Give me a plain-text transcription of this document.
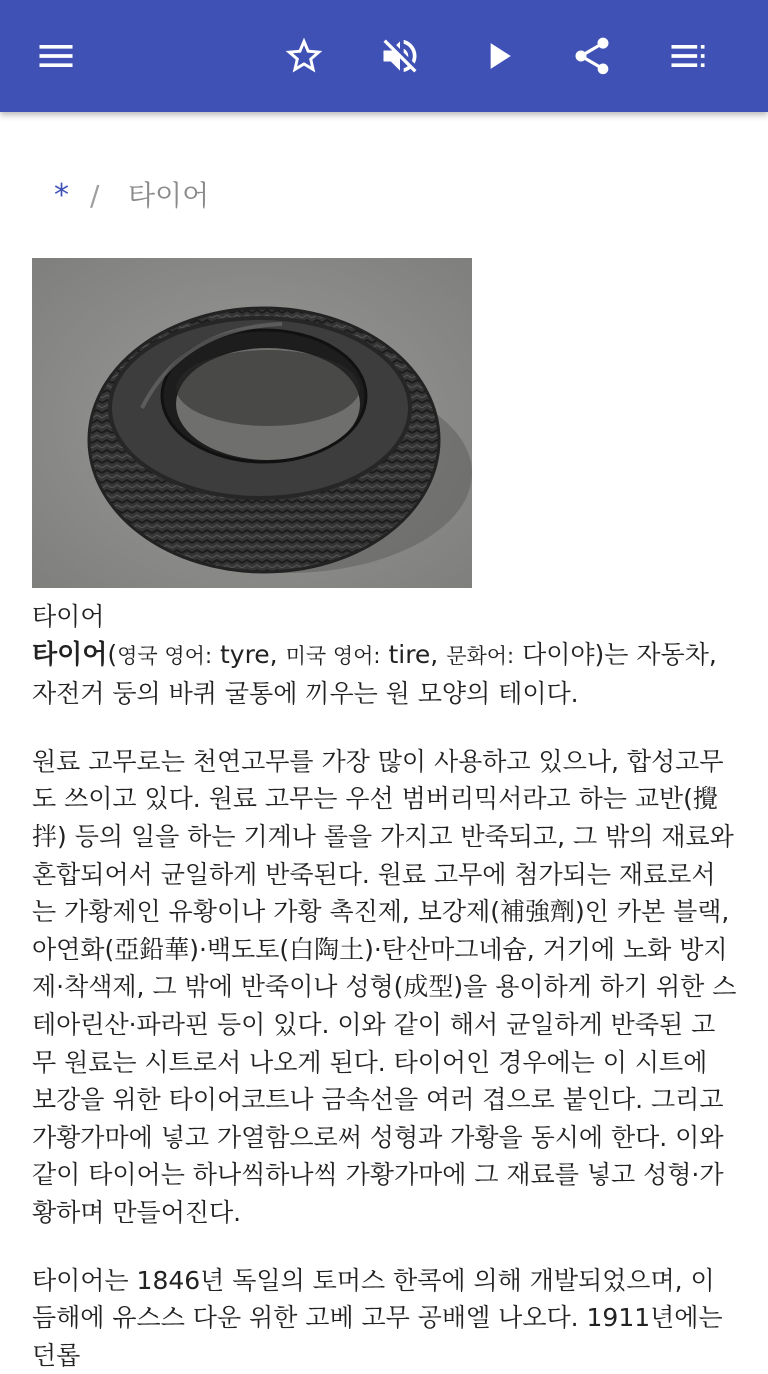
* / 타이어
타이어

타이어(영국 영어: tyre, 미국 영어: tire, 문화어: 다이야)는 자동차, 자전거 둥의 바퀴 굴통에 끼우는 원 모양의 테이다.

원료 고무로는 천연고무를 가장 많이 사용하고 있으나, 합성고무도 쓰이고 있다. 원료 고무는 우선 범버리믹서라고 하는 교반(攪拌) 등의 일을 하는 기계나 롤을 가지고 반죽되고, 그 밖의 재료와 혼합되어서 균일하게 반죽된다. 원료 고무에 첨가되는 재료로서는 가황제인 유황이나 가황 촉진제, 보강제(補強劑)인 카본 블랙, 아연화(亞鉛華)·백도토(白陶土)·탄산마그네슘, 거기에 노화 방지제·착색제, 그 밖에 반죽이나 성형(成型)을 용이하게 하기 위한 스테아린산·파라핀 등이 있다. 이와 같이 해서 균일하게 반죽된 고무 원료는 시트로서 나오게 된다. 타이어인 경우에는 이 시트에 보강을 위한 타이어코트나 금속선을 여러 겹으로 붙인다. 그리고 가황가마에 넣고 가열함으로써 성형과 가황을 동시에 한다. 이와 같이 타이어는 하나씩하나씩 가황가마에 그 재료를 넣고 성형·가황하며 만들어진다.

타이어는 1846년 독일의 토머스 한콕에 의해 개발되었으며, 이듬해에 유스스 다운 위한 고베 고무 공배엘 나오다. 1911년에는 던롭
